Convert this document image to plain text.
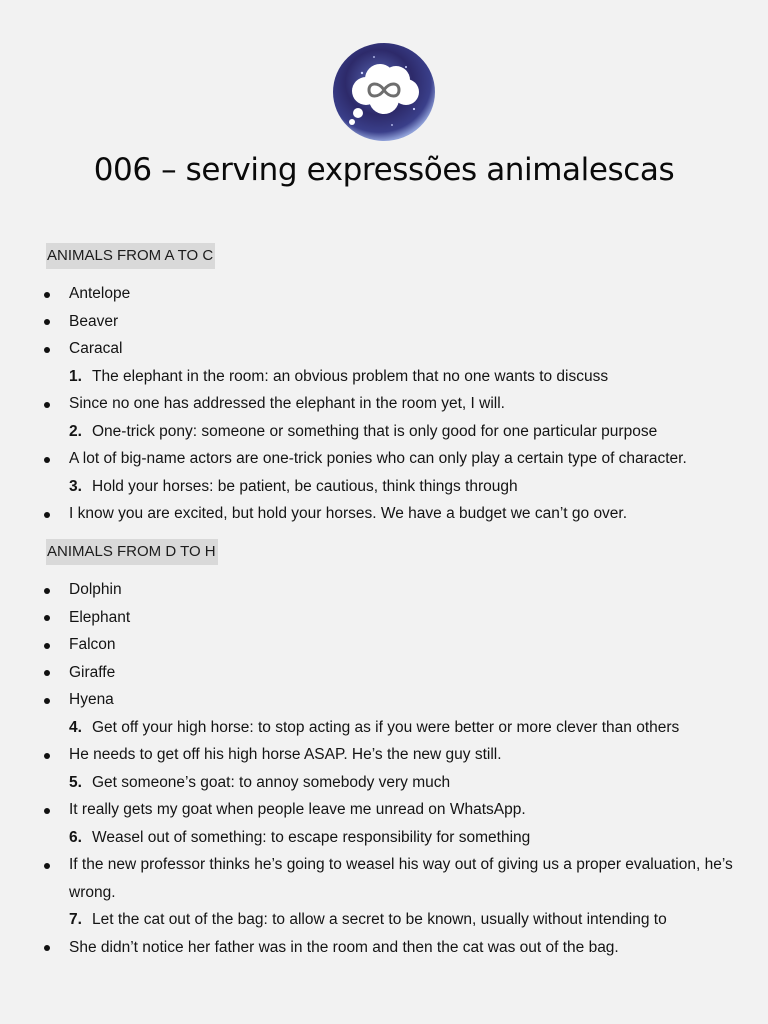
006 – serving expressões animalescas
ANIMALS FROM A TO C
Antelope
Beaver
Caracal
1. The elephant in the room: an obvious problem that no one wants to discuss
Since no one has addressed the elephant in the room yet, I will.
2. One-trick pony: someone or something that is only good for one particular purpose
A lot of big-name actors are one-trick ponies who can only play a certain type of character.
3. Hold your horses: be patient, be cautious, think things through
I know you are excited, but hold your horses. We have a budget we can’t go over.
ANIMALS FROM D TO H
Dolphin
Elephant
Falcon
Giraffe
Hyena
4. Get off your high horse: to stop acting as if you were better or more clever than others
He needs to get off his high horse ASAP. He’s the new guy still.
5. Get someone’s goat: to annoy somebody very much
It really gets my goat when people leave me unread on WhatsApp.
6. Weasel out of something: to escape responsibility for something
If the new professor thinks he’s going to weasel his way out of giving us a proper evaluation, he’s wrong.
7. Let the cat out of the bag: to allow a secret to be known, usually without intending to
She didn’t notice her father was in the room and then the cat was out of the bag.
